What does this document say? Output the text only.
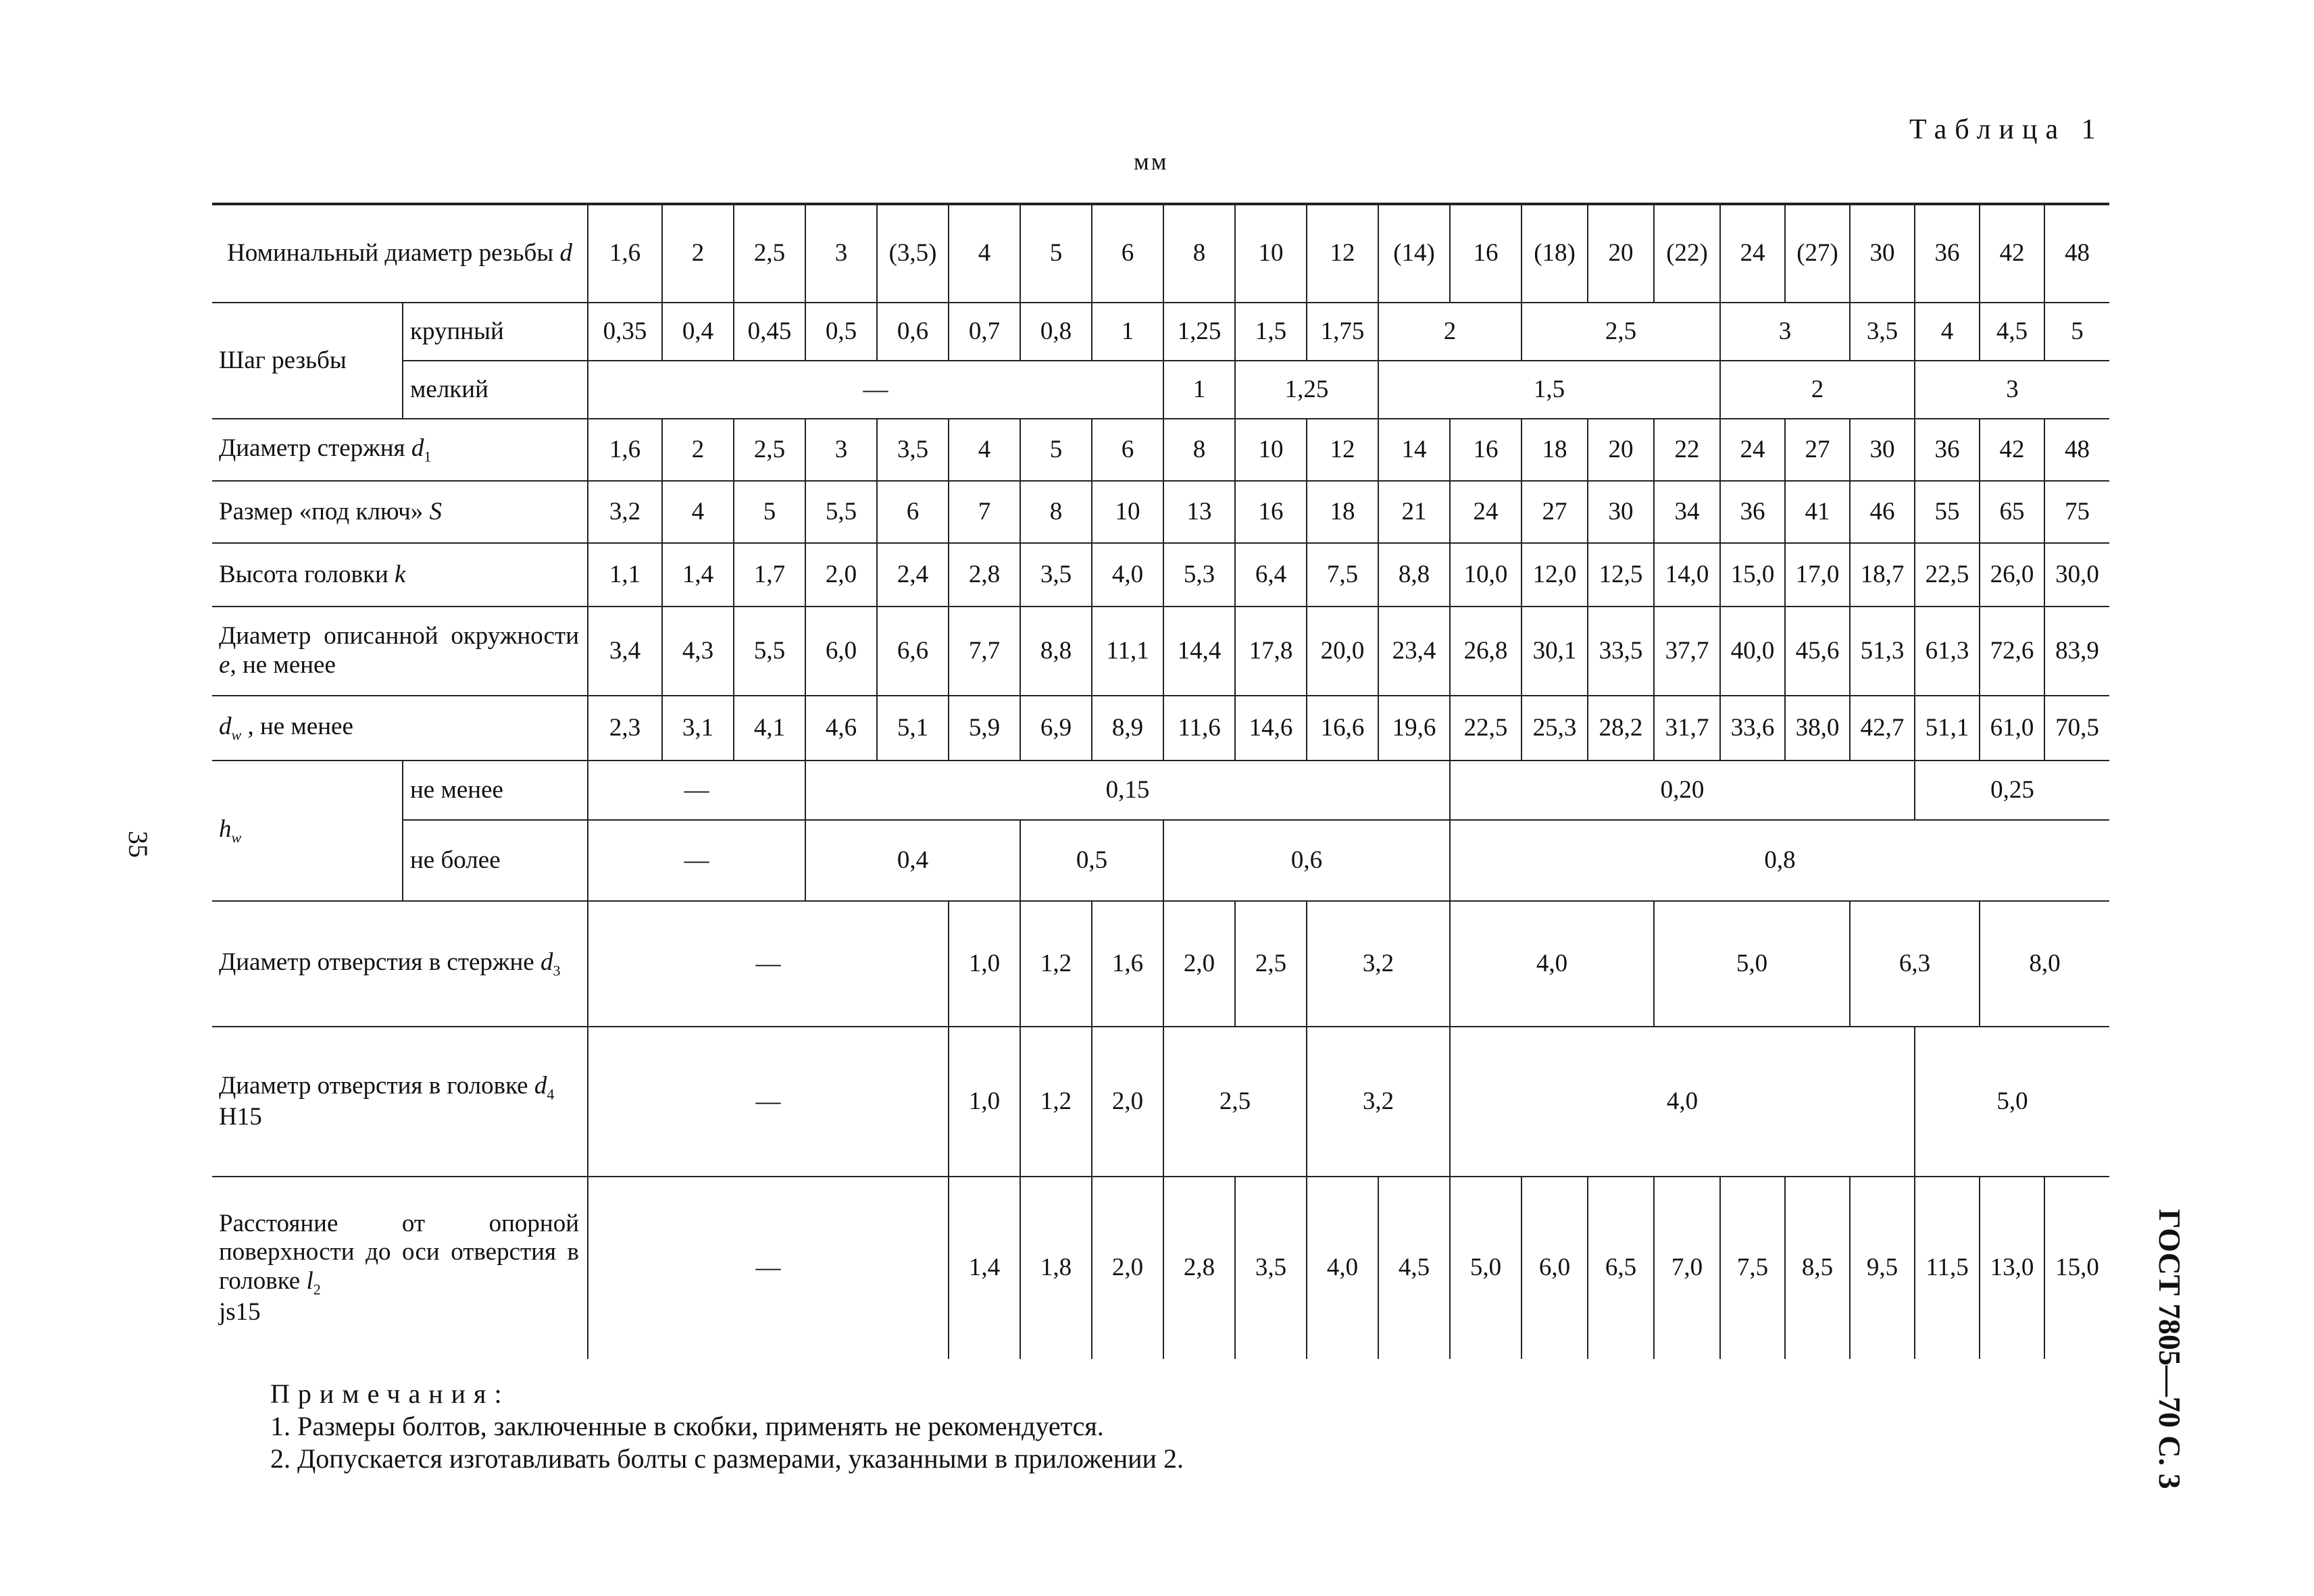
Таблица 1
мм
35
ГОСТ 7805—70 С. 3
Номинальный диаметр резьбы d		1,6	2	2,5	3	(3,5)	4	5	6	8	10	12	(14)	16	(18)	20	(22)	24	(27)	30	36	42	48
Шаг резьбы	крупный	0,35	0,4	0,45	0,5	0,6	0,7	0,8	1	1,25	1,5	1,75	2		2,5			3		3,5	4	4,5	5
	мелкий	—								1	1,25		1,5					2			3		
Диаметр стержня $d_1$		1,6	2	2,5	3	3,5	4	5	6	8	10	12	14	16	18	20	22	24	27	30	36	42	48
Размер «под ключ» S		3,2	4	5	5,5	6	7	8	10	13	16	18	21	24	27	30	34	36	41	46	55	65	75
Высота головки k		1,1	1,4	1,7	2,0	2,4	2,8	3,5	4,0	5,3	6,4	7,5	8,8	10,0	12,0	12,5	14,0	15,0	17,0	18,7	22,5	26,0	30,0
Диаметр описанной окружности e, не менее		3,4	4,3	5,5	6,0	6,6	7,7	8,8	11,1	14,4	17,8	20,0	23,4	26,8	30,1	33,5	37,7	40,0	45,6	51,3	61,3	72,6	83,9
$d_w$ , не менее		2,3	3,1	4,1	4,6	5,1	5,9	6,9	8,9	11,6	14,6	16,6	19,6	22,5	25,3	28,2	31,7	33,6	38,0	42,7	51,1	61,0	70,5
$h_w$	не менее	—			0,15									0,20							0,25		
	не более	—			0,4			0,5		0,6				0,8									
Диаметр отверстия в стержне $d_3$		—					1,0	1,2	1,6	2,0	2,5	3,2		4,0			5,0			6,3		8,0	
Диаметр отверстия в головке $d_4$
H15		—					1,0	1,2	2,0	2,5		3,2		4,0							5,0		
Расстояние от опорной поверхности до оси отверстия в головке $l_2$
js15		—					1,4	1,8	2,0	2,8	3,5	4,0	4,5	5,0	6,0	6,5	7,0	7,5	8,5	9,5	11,5	13,0	15,0
Примечания:
1. Размеры болтов, заключенные в скобки, применять не рекомендуется.
2. Допускается изготавливать болты с размерами, указанными в приложении 2.
